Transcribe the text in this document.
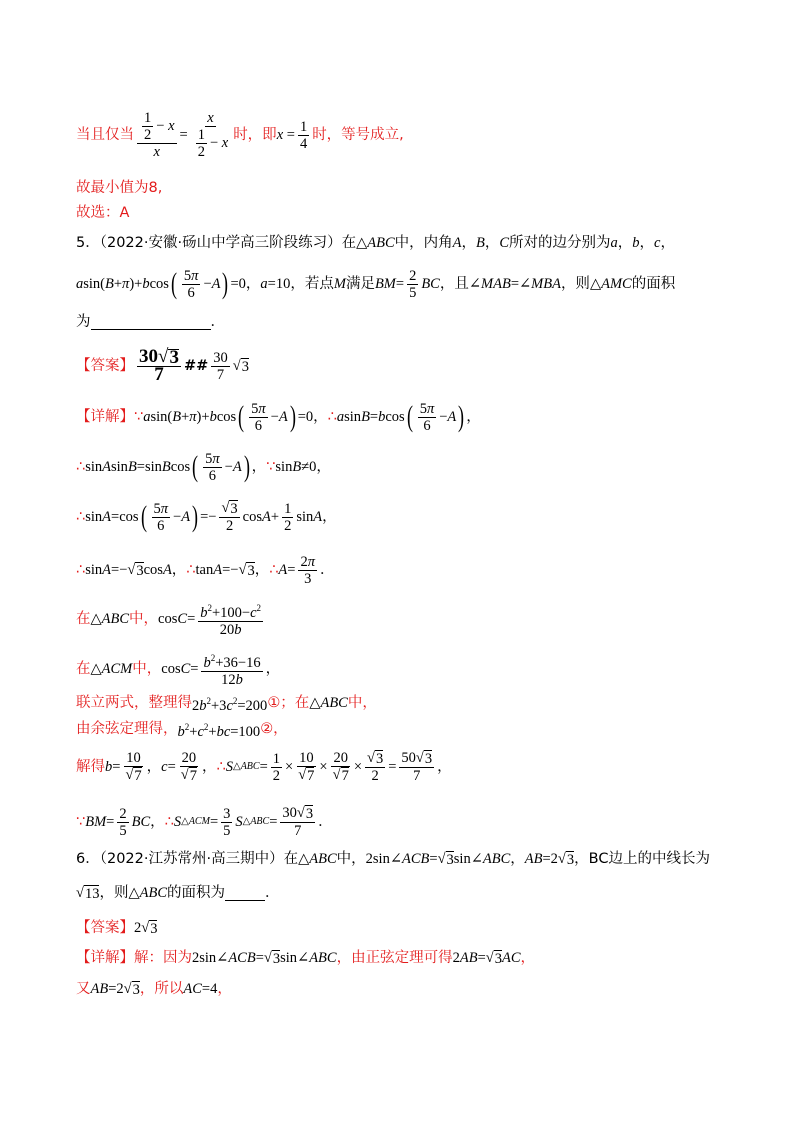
当且仅当 $\frac{\frac{1}{2} - x}{x} = \frac{x}{\frac{1}{2} - x}$ 时，即 $x = \frac{1}{4}$ 时，等号成立,
故最小值为8,
故选：A
5．（2022·安徽·砀山中学高三阶段练习）在 △ABC 中，内角 A，B，C 所对的边分别为 a，b，c，
a sin( B + π )+ b cos ( $\frac{5\pi}{6} - A$ ) =0 ， a=10 ，若点 M 满足 BM = $\frac{2}{5}$ BC ，且 ∠MAB=∠MBA ，则 △AMC 的面积
为	．
【答案】 $\frac{30 √ 3}{7}$ ## $\frac{30}{7}$ √ 3
【详解】 ∵ a sin( B + π )+ b cos ( $\frac{5\pi}{6} - A$ ) =0 ， ∴ a sin B = b cos ( $\frac{5\pi}{6} - A$ ) ，
∴ sin A sin B =sin B cos ( $\frac{5\pi}{6} - A$ ) ， ∵ sinB≠0 ，
∴ sin A =cos ( $\frac{5\pi}{6} - A$ ) =− $\frac{√ 3}{2}$ $\cos A + \frac{1}{2}$ sin A ，
∴ sin A =− √ 3 cos A ， ∴ tan A =− √ 3 ， ∴ $A = \frac{2\pi}{3}$ ．
在 △ABC 中， $\cos C = \frac{b^2+100-c^2}{20b}$
在 △ACM 中， $\cos C = \frac{b^2+36-16}{12b}$ ，
联立两式，整理得 $2b^2+3c^2=200$ ①；在 △ABC 中，
由余弦定理得， $b^2+c^2+bc=100$ ②，
解得 $b = \frac{10}{√ 7}$ ， $c = \frac{20}{√ 7}$ ， ∴ S △ABC = $\frac{1}{2} \times \frac{10}{√ 7} \times \frac{20}{√ 7} \times \frac{√ 3}{2} = \frac{50 √ 3}{7}$ ，
∵ BM = $\frac{2}{5}$ BC ， ∴ S △ACM = $\frac{3}{5}$ S △ABC = $\frac{30 √ 3}{7}$ ．
6．（2022·江苏常州·高三期中）在 △ABC 中， 2sin∠ ACB = √ 3 sin∠ ABC ， AB =2 √ 3 ， BC边上的中线长为
√ 13 ，则 △ABC 的面积为	．
【答案】 2 √ 3
【详解】 解：因为 2sin∠ ACB = √ 3 sin∠ ABC ，由正弦定理可得 2 AB = √ 3 AC ，
又 AB =2 √ 3 ，所以 AC=4 ，
